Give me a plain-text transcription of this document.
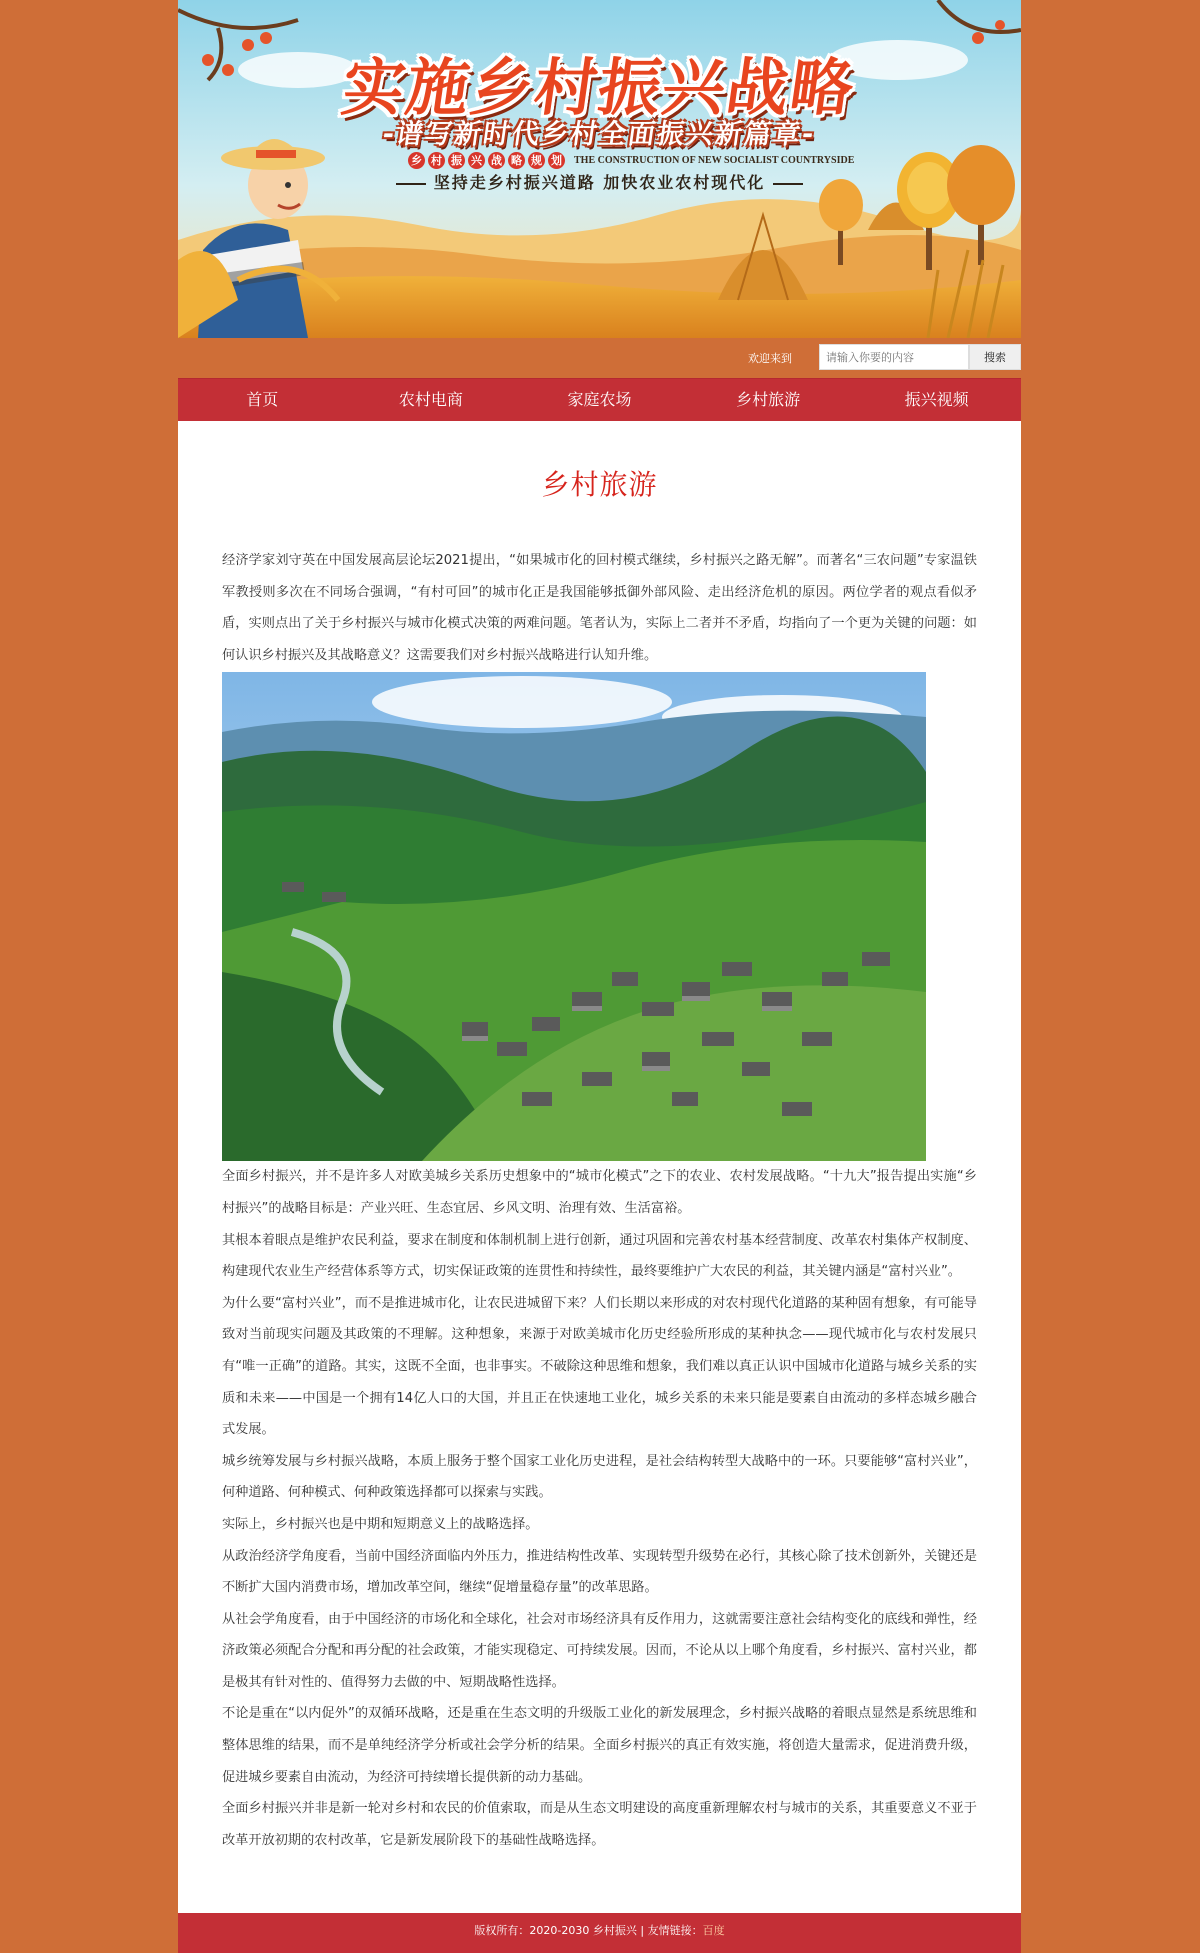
实施乡村振兴战略
-谱写新时代乡村全面振兴新篇章-
乡 村 振 兴 战 略 规 划	THE CONSTRUCTION OF NEW SOCIALIST COUNTRYSIDE
坚持走乡村振兴道路 加快农业农村现代化
欢迎来到
请输入你要的内容	搜索
首页	农村电商	家庭农场	乡村旅游	振兴视频
乡村旅游

经济学家刘守英在中国发展高层论坛2021提出，“如果城市化的回村模式继续，乡村振兴之路无解”。而著名“三农问题”专家温铁军教授则多次在不同场合强调，“有村可回”的城市化正是我国能够抵御外部风险、走出经济危机的原因。两位学者的观点看似矛盾，实则点出了关于乡村振兴与城市化模式决策的两难问题。笔者认为，实际上二者并不矛盾，均指向了一个更为关键的问题：如何认识乡村振兴及其战略意义？这需要我们对乡村振兴战略进行认知升维。

全面乡村振兴，并不是许多人对欧美城乡关系历史想象中的“城市化模式”之下的农业、农村发展战略。“十九大”报告提出实施“乡村振兴”的战略目标是：产业兴旺、生态宜居、乡风文明、治理有效、生活富裕。

其根本着眼点是维护农民利益，要求在制度和体制机制上进行创新，通过巩固和完善农村基本经营制度、改革农村集体产权制度、构建现代农业生产经营体系等方式，切实保证政策的连贯性和持续性，最终要维护广大农民的利益，其关键内涵是“富村兴业”。

为什么要“富村兴业”，而不是推进城市化，让农民进城留下来？人们长期以来形成的对农村现代化道路的某种固有想象，有可能导致对当前现实问题及其政策的不理解。这种想象，来源于对欧美城市化历史经验所形成的某种执念——现代城市化与农村发展只有“唯一正确”的道路。其实，这既不全面，也非事实。不破除这种思维和想象，我们难以真正认识中国城市化道路与城乡关系的实质和未来——中国是一个拥有14亿人口的大国，并且正在快速地工业化，城乡关系的未来只能是要素自由流动的多样态城乡融合式发展。

城乡统筹发展与乡村振兴战略，本质上服务于整个国家工业化历史进程，是社会结构转型大战略中的一环。只要能够“富村兴业”，何种道路、何种模式、何种政策选择都可以探索与实践。

实际上，乡村振兴也是中期和短期意义上的战略选择。

从政治经济学角度看，当前中国经济面临内外压力，推进结构性改革、实现转型升级势在必行，其核心除了技术创新外，关键还是不断扩大国内消费市场，增加改革空间，继续“促增量稳存量”的改革思路。

从社会学角度看，由于中国经济的市场化和全球化，社会对市场经济具有反作用力，这就需要注意社会结构变化的底线和弹性，经济政策必须配合分配和再分配的社会政策，才能实现稳定、可持续发展。因而，不论从以上哪个角度看，乡村振兴、富村兴业，都是极其有针对性的、值得努力去做的中、短期战略性选择。

不论是重在“以内促外”的双循环战略，还是重在生态文明的升级版工业化的新发展理念，乡村振兴战略的着眼点显然是系统思维和整体思维的结果，而不是单纯经济学分析或社会学分析的结果。全面乡村振兴的真正有效实施，将创造大量需求，促进消费升级，促进城乡要素自由流动，为经济可持续增长提供新的动力基础。

全面乡村振兴并非是新一轮对乡村和农民的价值索取，而是从生态文明建设的高度重新理解农村与城市的关系，其重要意义不亚于改革开放初期的农村改革，它是新发展阶段下的基础性战略选择。

版权所有：2020-2030 乡村振兴 | 友情链接：百度
